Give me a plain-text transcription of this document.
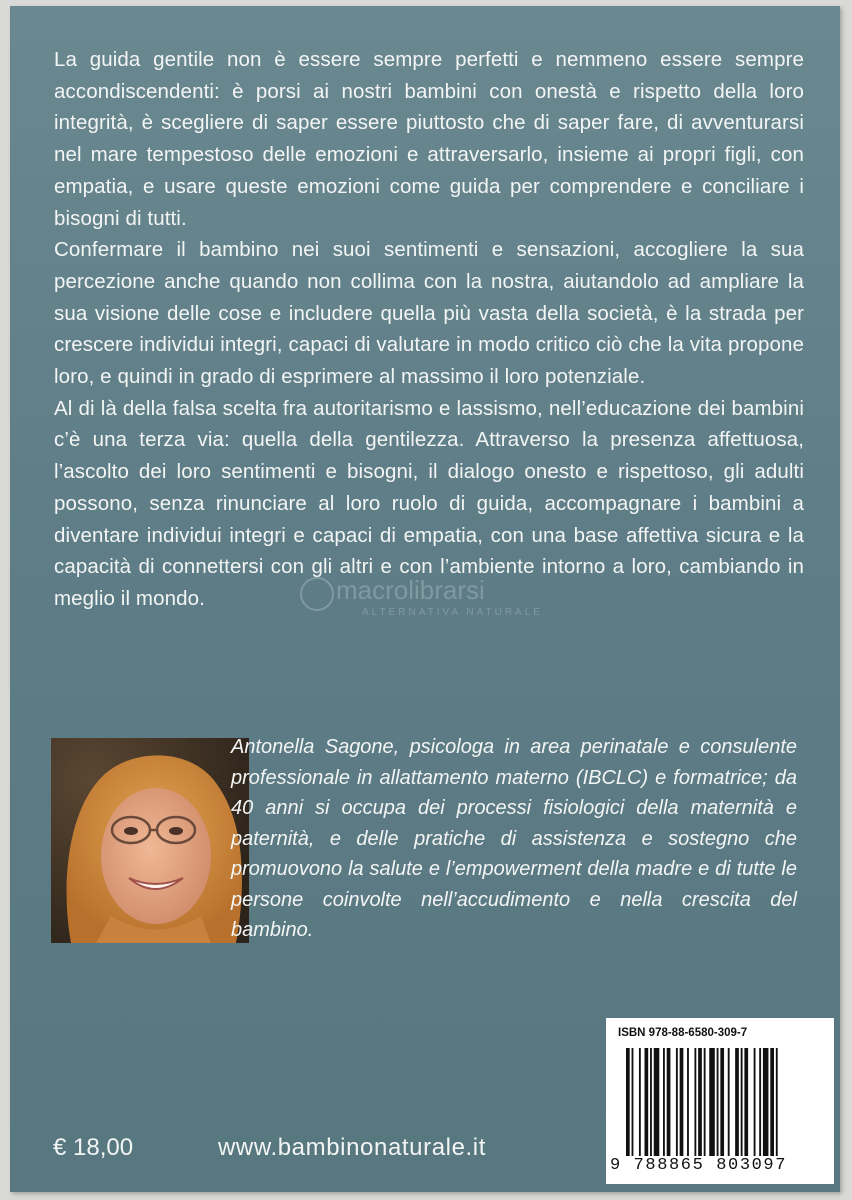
La guida gentile non è essere sempre perfetti e nemmeno essere sempre accondiscendenti: è porsi ai nostri bambini con onestà e rispetto della loro integrità, è scegliere di saper essere piuttosto che di saper fare, di avventurarsi nel mare tempestoso delle emozioni e attraversarlo, insieme ai propri figli, con empatia, e usare queste emozioni come guida per comprendere e conciliare i bisogni di tutti.

Confermare il bambino nei suoi sentimenti e sensazioni, accogliere la sua percezione anche quando non collima con la nostra, aiutandolo ad ampliare la sua visione delle cose e includere quella più vasta della società, è la strada per crescere individui integri, capaci di valutare in modo critico ciò che la vita propone loro, e quindi in grado di esprimere al massimo il loro potenziale.

Al di là della falsa scelta fra autoritarismo e lassismo, nell’educazione dei bambini c’è una terza via: quella della gentilezza. Attraverso la presenza affettuosa, l’ascolto dei loro sentimenti e bisogni, il dialogo onesto e rispettoso, gli adulti possono, senza rinunciare al loro ruolo di guida, accompagnare i bambini a diventare individui integri e capaci di empatia, con una base affettiva sicura e la capacità di connettersi con gli altri e con l’ambiente intorno a loro, cambiando in meglio il mondo.	macrolibrarsi
ALTERNATIVA NATURALE
Antonella Sagone, psicologa in area perinatale e consulente professionale in allattamento materno (IBCLC) e formatrice; da 40 anni si occupa dei processi fisiologici della maternità e paternità, e delle pratiche di assistenza e sostegno che promuovono la salute e l’empowerment della madre e di tutte le persone coinvolte nell’accudimento e nella crescita del bambino.
ISBN 978-88-6580-309-7
9 788865 803097
€ 18,00	www.bambinonaturale.it
